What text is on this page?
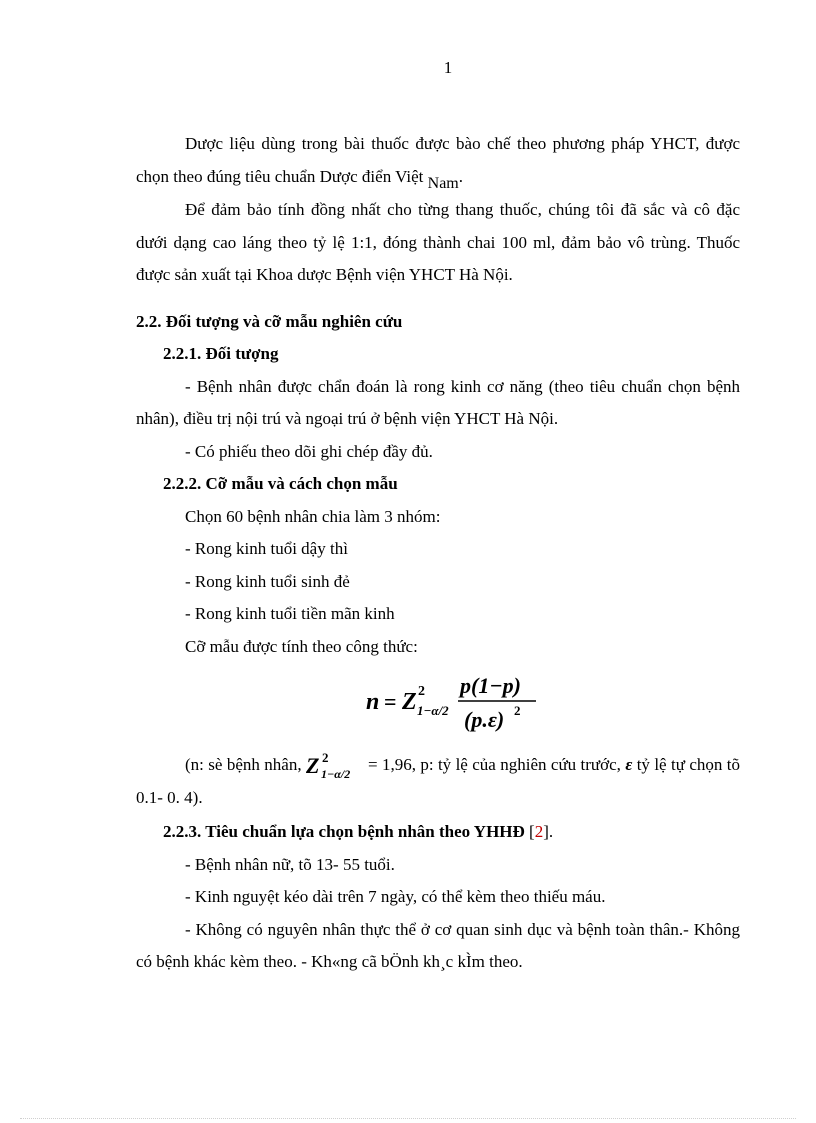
1

Dược liệu dùng trong bài thuốc được bào chế theo phương pháp YHCT, được chọn theo đúng tiêu chuẩn Dược điển Việt Nam.

Để đảm bảo tính đồng nhất cho từng thang thuốc, chúng tôi đã sắc và cô đặc dưới dạng cao láng theo tỷ lệ 1:1, đóng thành chai 100 ml, đảm bảo vô trùng. Thuốc được sản xuất tại Khoa dược Bệnh viện YHCT Hà Nội.

2.2. Đối tượng và cỡ mẫu nghiên cứu

2.2.1. Đối tượng

- Bệnh nhân được chẩn đoán là rong kinh cơ năng (theo tiêu chuẩn chọn bệnh nhân), điều trị nội trú và ngoại trú ở bệnh viện YHCT Hà Nội.

- Có phiếu theo dõi ghi chép đầy đủ.

2.2.2. Cỡ mẫu và cách chọn mẫu

Chọn 60 bệnh nhân chia làm 3 nhóm:

- Rong kinh tuổi dậy thì

- Rong kinh tuổi sinh đẻ

- Rong kinh tuổi tiền mãn kinh

Cỡ mẫu được tính theo công thức:

n = Z 2
1−α/2
p(1−p)
(p.ε) 2

(n: sè bệnh nhân, Z 2
1−α/2
= 1,96, p: tỷ lệ của nghiên cứu trước, ε tỷ lệ tự chọn tõ 0.1- 0. 4).

2.2.3. Tiêu chuẩn lựa chọn bệnh nhân theo YHHĐ [2].

- Bệnh nhân nữ, tõ 13- 55 tuổi.

- Kinh nguyệt kéo dài trên 7 ngày, có thể kèm theo thiếu máu.

- Không có nguyên nhân thực thể ở cơ quan sinh dục và bệnh toàn thân.- Không có bệnh khác kèm theo. - Kh«ng cã bÖnh kh¸c kÌm theo.
